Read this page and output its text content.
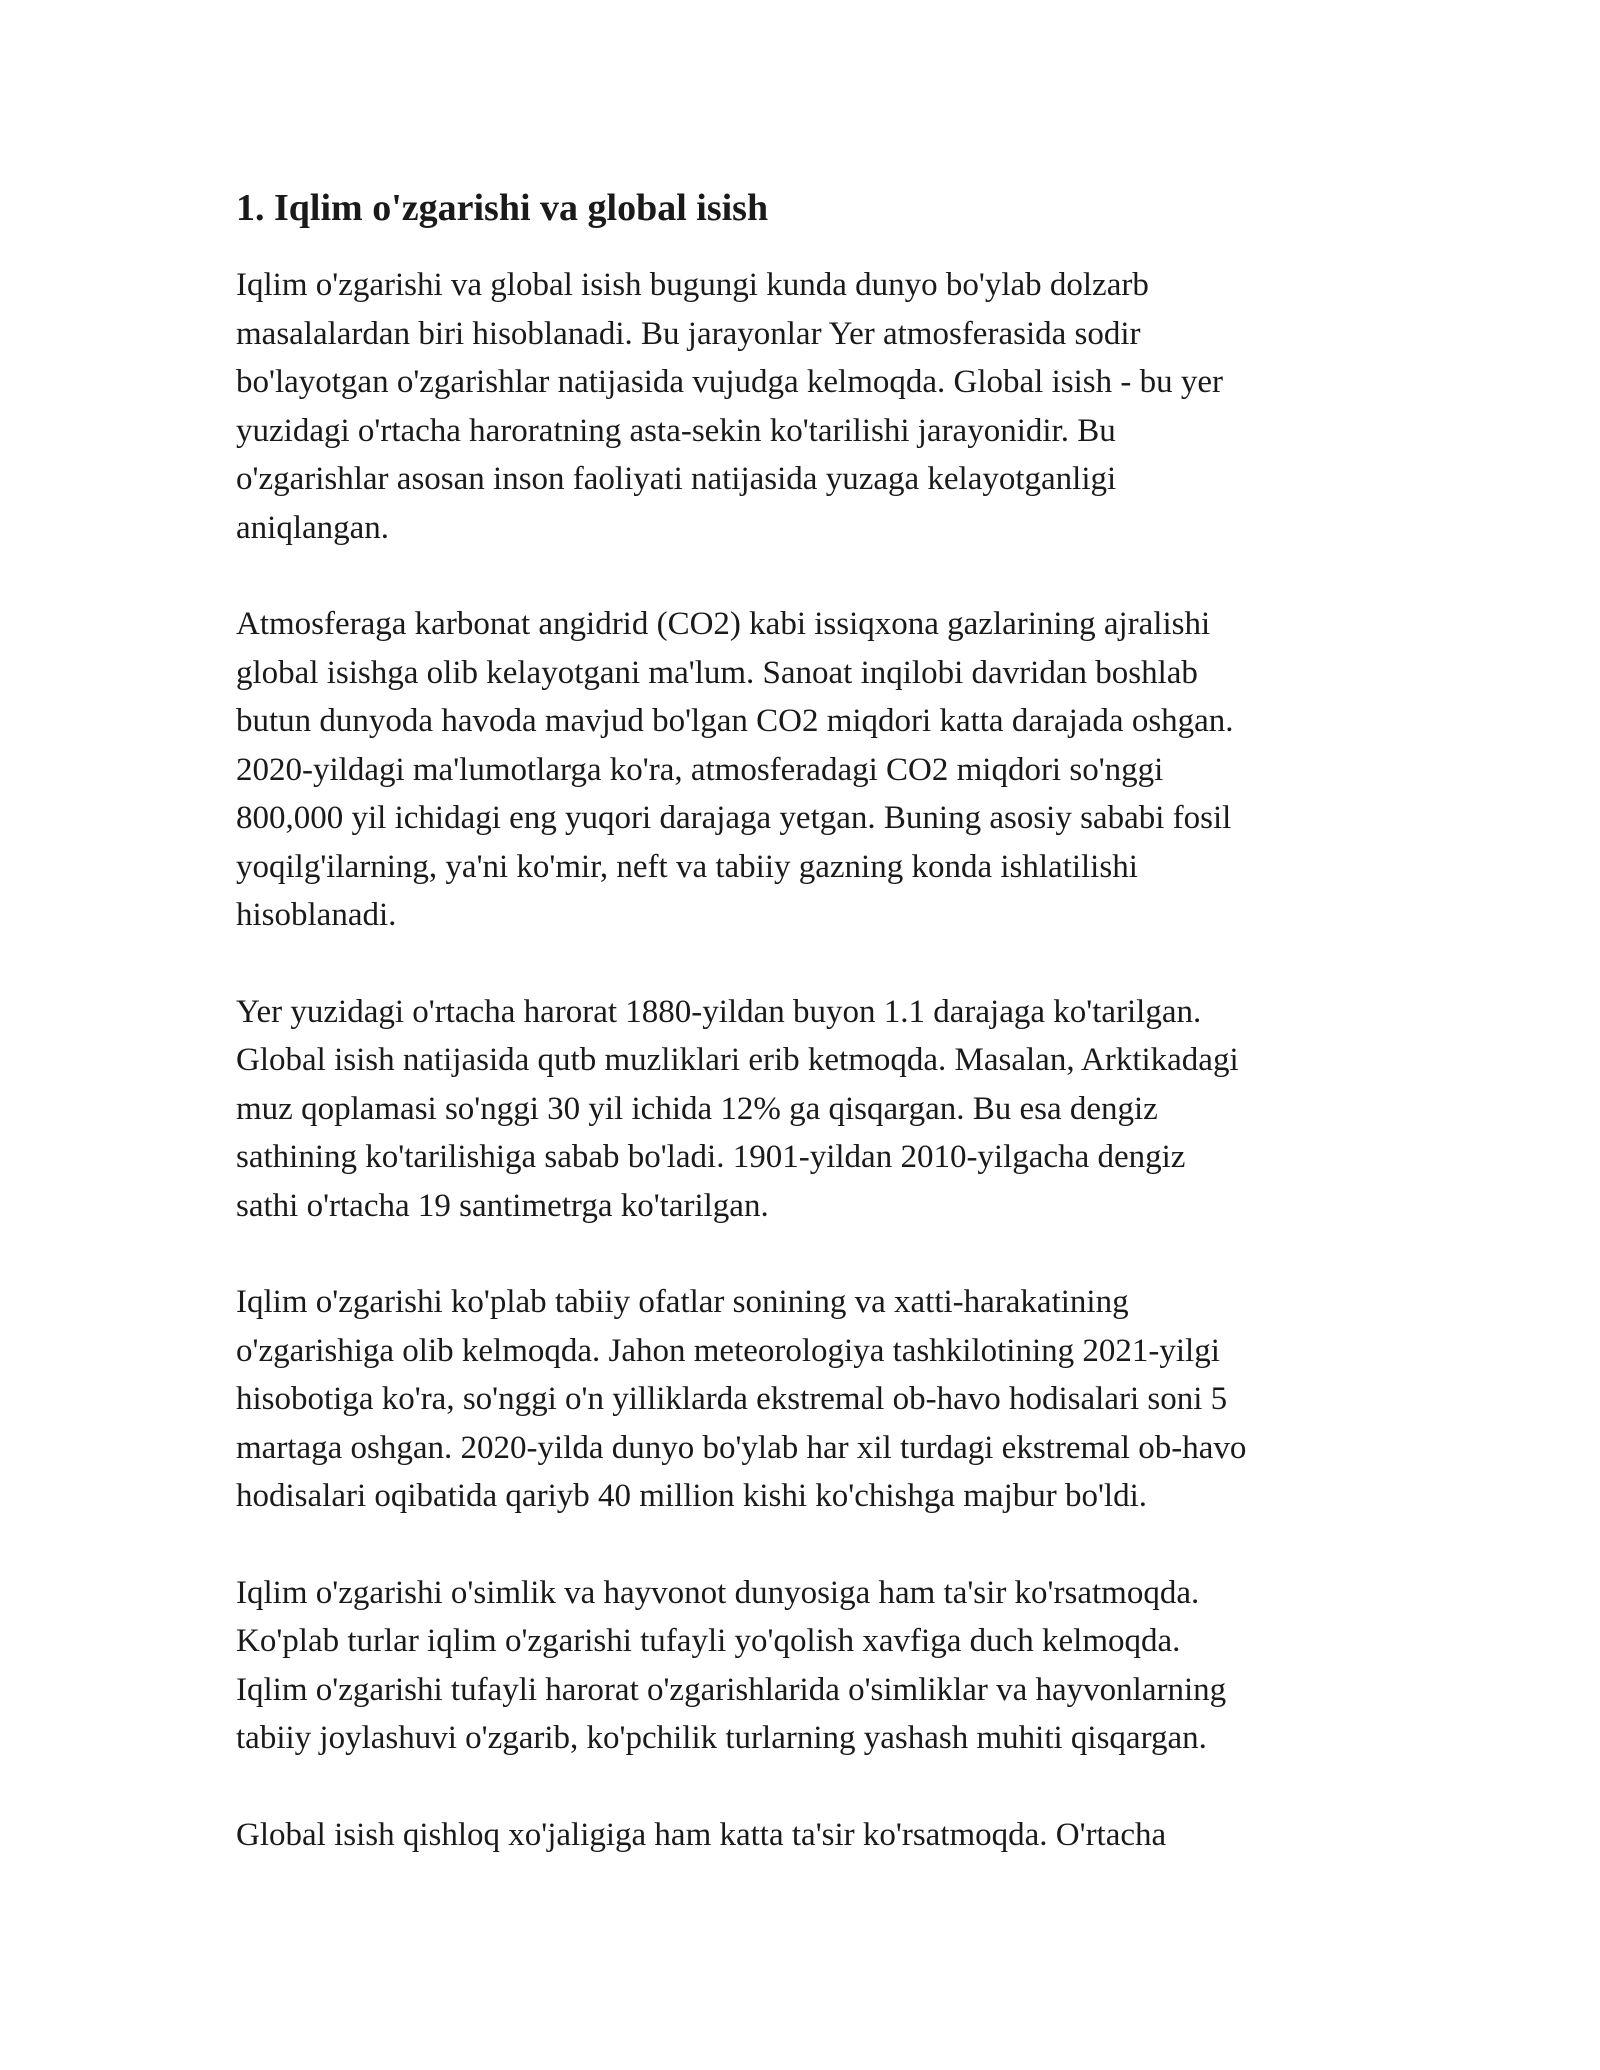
1. Iqlim o'zgarishi va global isish

Iqlim o'zgarishi va global isish bugungi kunda dunyo bo'ylab dolzarb
masalalardan biri hisoblanadi. Bu jarayonlar Yer atmosferasida sodir
bo'layotgan o'zgarishlar natijasida vujudga kelmoqda. Global isish - bu yer
yuzidagi o'rtacha haroratning asta-sekin ko'tarilishi jarayonidir. Bu
o'zgarishlar asosan inson faoliyati natijasida yuzaga kelayotganligi
aniqlangan.

Atmosferaga karbonat angidrid (CO2) kabi issiqxona gazlarining ajralishi
global isishga olib kelayotgani ma'lum. Sanoat inqilobi davridan boshlab
butun dunyoda havoda mavjud bo'lgan CO2 miqdori katta darajada oshgan.
2020-yildagi ma'lumotlarga ko'ra, atmosferadagi CO2 miqdori so'nggi
800,000 yil ichidagi eng yuqori darajaga yetgan. Buning asosiy sababi fosil
yoqilg'ilarning, ya'ni ko'mir, neft va tabiiy gazning konda ishlatilishi
hisoblanadi.

Yer yuzidagi o'rtacha harorat 1880-yildan buyon 1.1 darajaga ko'tarilgan.
Global isish natijasida qutb muzliklari erib ketmoqda. Masalan, Arktikadagi
muz qoplamasi so'nggi 30 yil ichida 12% ga qisqargan. Bu esa dengiz
sathining ko'tarilishiga sabab bo'ladi. 1901-yildan 2010-yilgacha dengiz
sathi o'rtacha 19 santimetrga ko'tarilgan.

Iqlim o'zgarishi ko'plab tabiiy ofatlar sonining va xatti-harakatining
o'zgarishiga olib kelmoqda. Jahon meteorologiya tashkilotining 2021-yilgi
hisobotiga ko'ra, so'nggi o'n yilliklarda ekstremal ob-havo hodisalari soni 5
martaga oshgan. 2020-yilda dunyo bo'ylab har xil turdagi ekstremal ob-havo
hodisalari oqibatida qariyb 40 million kishi ko'chishga majbur bo'ldi.

Iqlim o'zgarishi o'simlik va hayvonot dunyosiga ham ta'sir ko'rsatmoqda.
Ko'plab turlar iqlim o'zgarishi tufayli yo'qolish xavfiga duch kelmoqda.
Iqlim o'zgarishi tufayli harorat o'zgarishlarida o'simliklar va hayvonlarning
tabiiy joylashuvi o'zgarib, ko'pchilik turlarning yashash muhiti qisqargan.

Global isish qishloq xo'jaligiga ham katta ta'sir ko'rsatmoqda. O'rtacha
